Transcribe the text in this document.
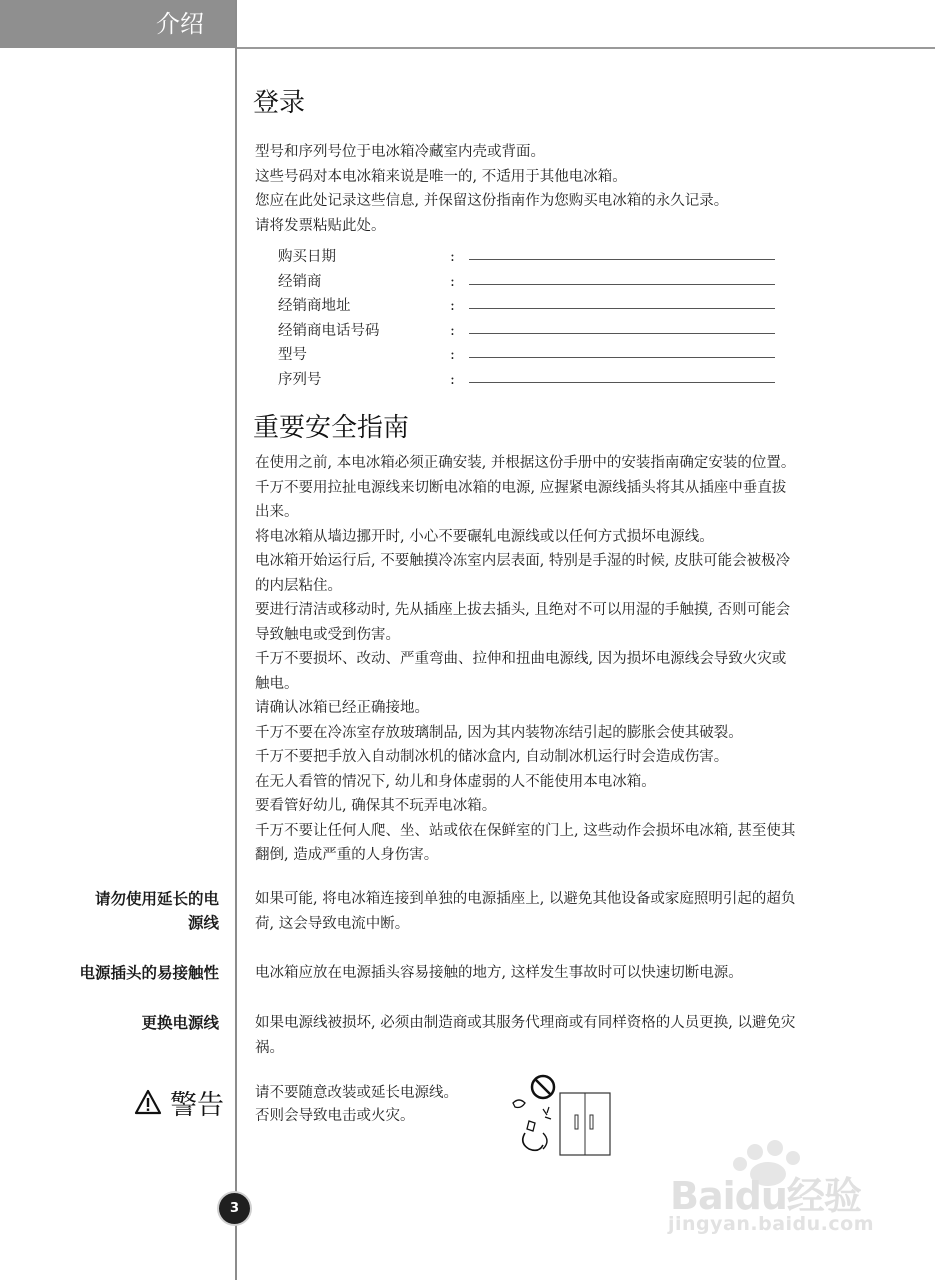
介绍
登录
型号和序列号位于电冰箱冷藏室内壳或背面。
这些号码对本电冰箱来说是唯一的, 不适用于其他电冰箱。
您应在此处记录这些信息, 并保留这份指南作为您购买电冰箱的永久记录。
请将发票粘贴此处。
购买日期	:
经销商	:
经销商地址	:
经销商电话号码	:
型号	:
序列号	:
重要安全指南
在使用之前, 本电冰箱必须正确安装, 并根据这份手册中的安装指南确定安装的位置。
千万不要用拉扯电源线来切断电冰箱的电源, 应握紧电源线插头将其从插座中垂直拔
出来。
将电冰箱从墙边挪开时, 小心不要碾轧电源线或以任何方式损坏电源线。
电冰箱开始运行后, 不要触摸冷冻室内层表面, 特别是手湿的时候, 皮肤可能会被极冷
的内层粘住。
要进行清洁或移动时, 先从插座上拔去插头, 且绝对不可以用湿的手触摸, 否则可能会
导致触电或受到伤害。
千万不要损坏、改动、严重弯曲、拉伸和扭曲电源线, 因为损坏电源线会导致火灾或
触电。
请确认冰箱已经正确接地。
千万不要在冷冻室存放玻璃制品, 因为其内装物冻结引起的膨胀会使其破裂。
千万不要把手放入自动制冰机的储冰盒内, 自动制冰机运行时会造成伤害。
在无人看管的情况下, 幼儿和身体虚弱的人不能使用本电冰箱。
要看管好幼儿, 确保其不玩弄电冰箱。
千万不要让任何人爬、坐、站或依在保鲜室的门上, 这些动作会损坏电冰箱, 甚至使其
翻倒, 造成严重的人身伤害。
请勿使用延长的电
源线
如果可能, 将电冰箱连接到单独的电源插座上, 以避免其他设备或家庭照明引起的超负
荷, 这会导致电流中断。
电源插头的易接触性 电冰箱应放在电源插头容易接触的地方, 这样发生事故时可以快速切断电源。
更换电源线 如果电源线被损坏, 必须由制造商或其服务代理商或有同样资格的人员更换, 以避免灾
祸。
警告 请不要随意改装或延长电源线。
否则会导致电击或火灾。
3	Baidu经验
jingyan.baidu.com
